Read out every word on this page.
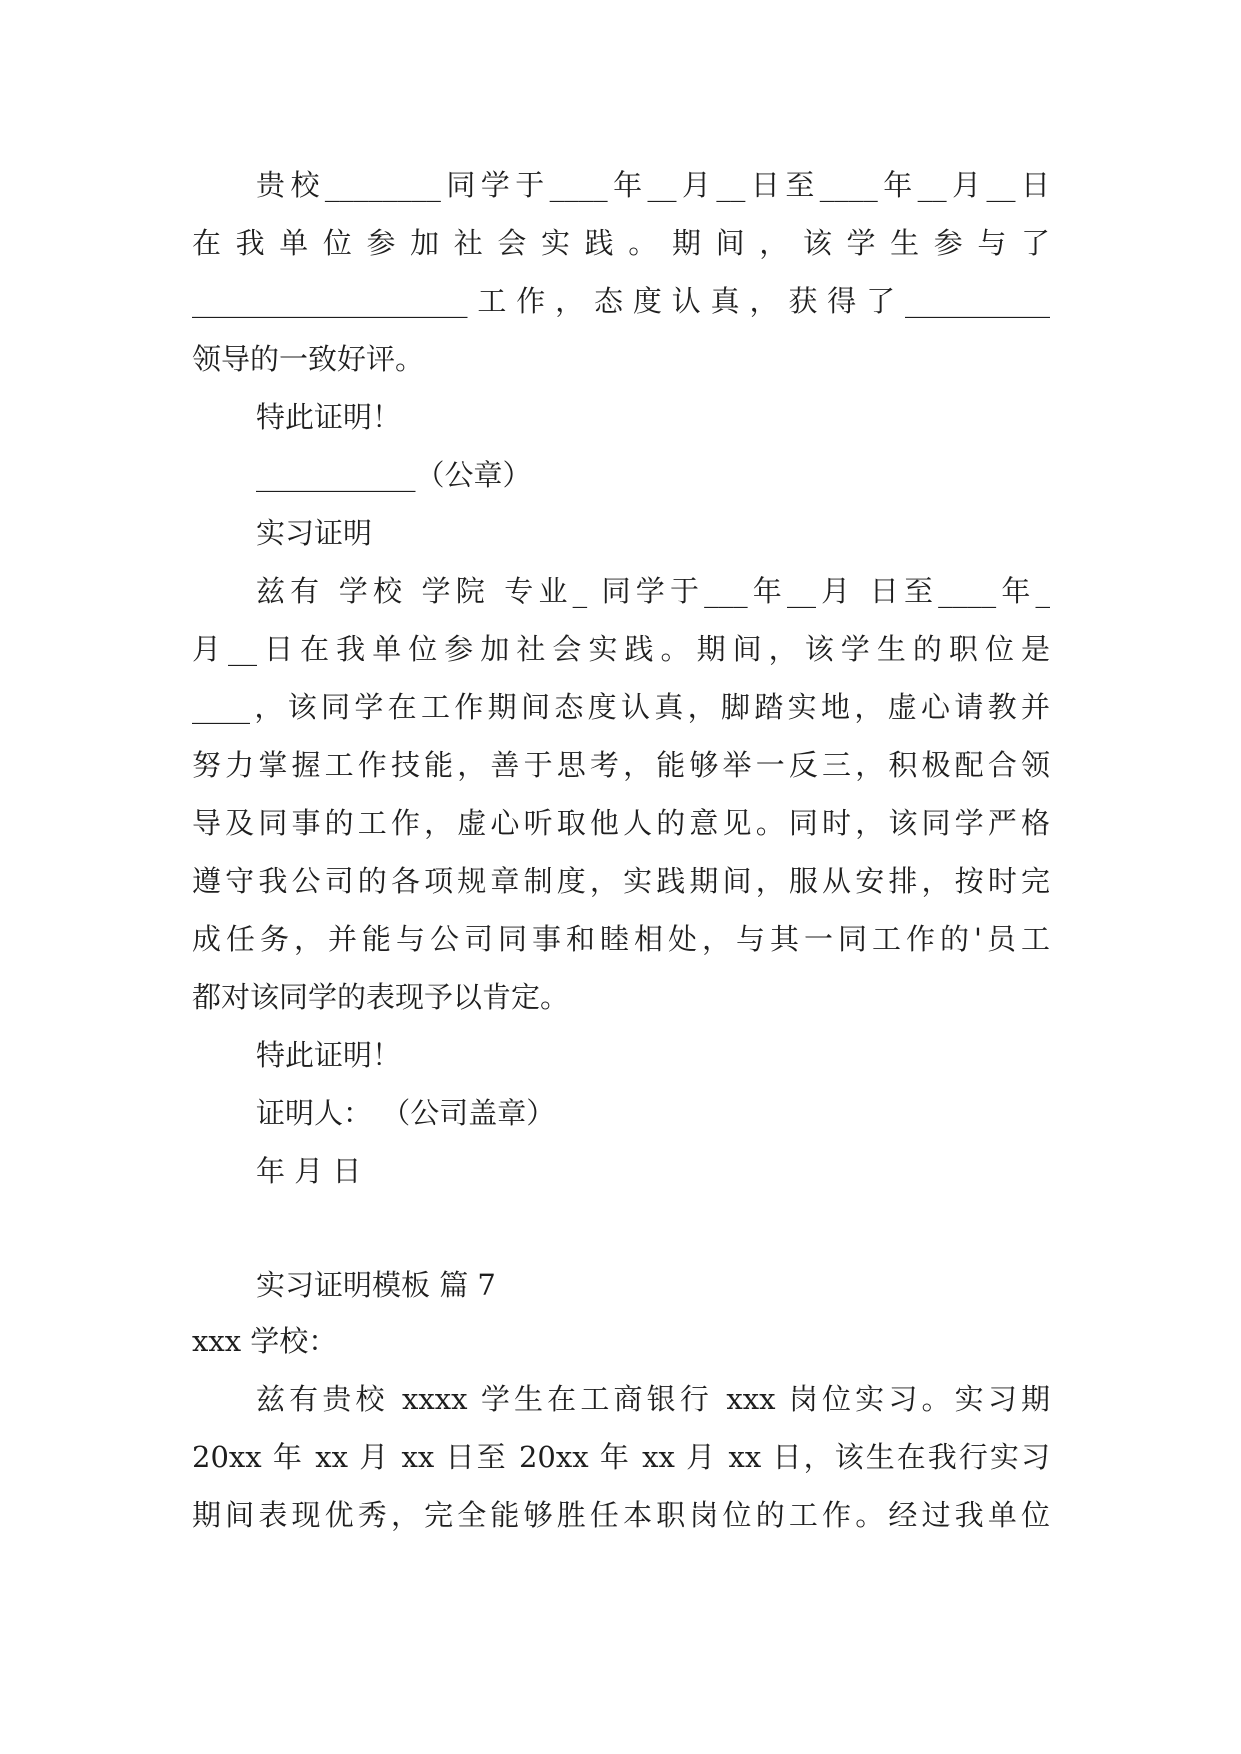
贵校________同学于____年__月__日至____年__月__日
在我单位参加社会实践。期间，该学生参与了
___________________工作，态度认真，获得了__________
领导的一致好评。
特此证明！
___________（公章）
实习证明
兹有 学校 学院 专业_ 同学于___年__月 日至____年_
月__日在我单位参加社会实践。期间，该学生的职位是
____，该同学在工作期间态度认真，脚踏实地，虚心请教并
努力掌握工作技能，善于思考，能够举一反三，积极配合领
导及同事的工作，虚心听取他人的意见。同时，该同学严格
遵守我公司的各项规章制度，实践期间，服从安排，按时完
成任务，并能与公司同事和睦相处，与其一同工作的'员工
都对该同学的表现予以肯定。
特此证明！
证明人： （公司盖章）
年 月 日
实习证明模板 篇 7
xxx 学校：
兹有贵校 xxxx 学生在工商银行 xxx 岗位实习。实习期
20xx 年 xx 月 xx 日至 20xx 年 xx 月 xx 日，该生在我行实习
期间表现优秀，完全能够胜任本职岗位的工作。经过我单位
